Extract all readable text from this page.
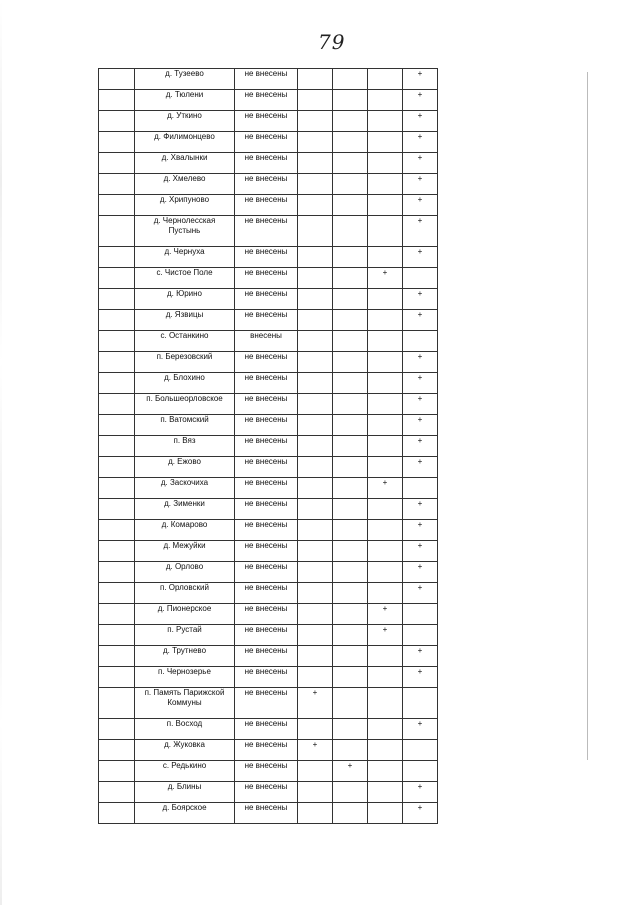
79
	д. Тузеево	не внесены				+
	д. Тюлени	не внесены				+
	д. Уткино	не внесены				+
	д. Филимонцево	не внесены				+
	д. Хвалынки	не внесены				+
	д. Хмелево	не внесены				+
	д. Хрипуново	не внесены				+
	д. Чернолесская Пустынь	не внесены				+
	д. Чернуха	не внесены				+
	с. Чистое Поле	не внесены			+	
	д. Юрино	не внесены				+
	д. Язвицы	не внесены				+
	с. Останкино	внесены				
	п. Березовский	не внесены				+
	д. Блохино	не внесены				+
	п. Большеорловское	не внесены				+
	п. Ватомский	не внесены				+
	п. Вяз	не внесены				+
	д. Ежово	не внесены				+
	д. Заскочиха	не внесены			+	
	д. Зименки	не внесены				+
	д. Комарово	не внесены				+
	д. Межуйки	не внесены				+
	д. Орлово	не внесены				+
	п. Орловский	не внесены				+
	д. Пионерское	не внесены			+	
	п. Рустай	не внесены			+	
	д. Трутнево	не внесены				+
	п. Чернозерье	не внесены				+
	п. Память Парижской Коммуны	не внесены	+			
	п. Восход	не внесены				+
	д. Жуковка	не внесены	+			
	с. Редькино	не внесены		+		
	д. Блины	не внесены				+
	д. Боярское	не внесены				+
